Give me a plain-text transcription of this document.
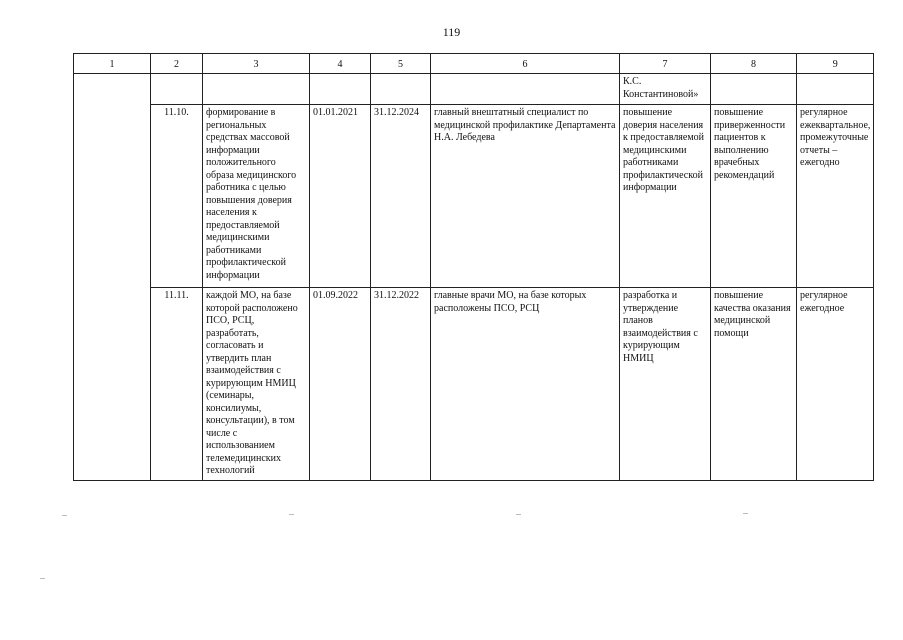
119
1	2	3	4	5	6	7	8	9
						К.С. Константиновой»		
	11.10.	формирование в региональных средствах массовой информации положительного образа медицинского работника с целью повышения доверия населения к предоставляемой медицинскими работниками профилактической информации	01.01.2021	31.12.2024	главный внештатный специалист по медицинской профилактике Департамента Н.А. Лебедева	повышение доверия населения к предоставляемой медицинскими работниками профилактической информации	повышение приверженности пациентов к выполнению врачебных рекомендаций	регулярное ежеквартальное, промежуточные отчеты – ежегодно
	11.11.	каждой МО, на базе которой расположено ПСО, РСЦ, разработать, согласовать и утвердить план взаимодействия с курирующим НМИЦ (семинары, консилиумы, консультации), в том числе с использованием телемедицинских технологий	01.09.2022	31.12.2022	главные врачи МО, на базе которых расположены ПСО, РСЦ	разработка и утверждение планов взаимодействия с курирующим НМИЦ	повышение качества оказания медицинской помощи	регулярное ежегодное
